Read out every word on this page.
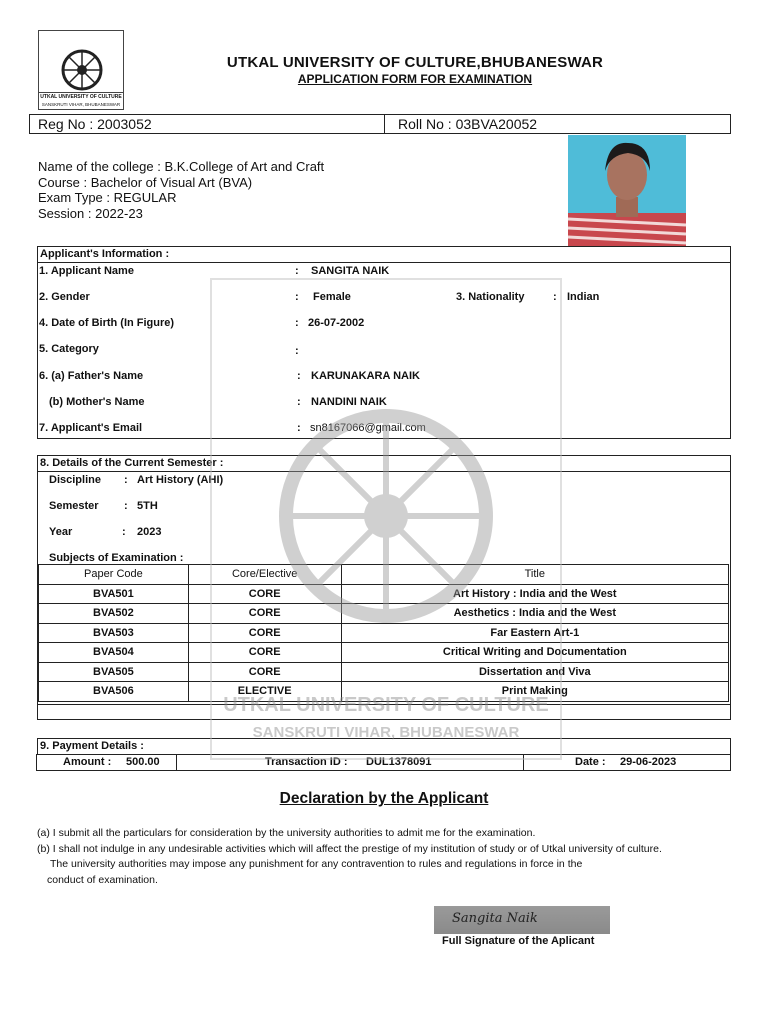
UTKAL UNIVERSITY OF CULTURE
SANSKRUTI VIHAR, BHUBANESWAR
UTKAL UNIVERSITY OF CULTURE,BHUBANESWAR
APPLICATION FORM FOR EXAMINATION
Reg No : 2003052	Roll No : 03BVA20052
Name of the college : B.K.College of Art and Craft
Course : Bachelor of Visual Art (BVA)
Exam Type : REGULAR
Session : 2022-23
Applicant's Information :
1. Applicant Name	: SANGITA NAIK
2. Gender	: Female	3. Nationality	: Indian
4. Date of Birth (In Figure)	: 26-07-2002
5. Category	:
6. (a) Father's Name	: KARUNAKARA NAIK
(b) Mother's Name	: NANDINI NAIK
7. Applicant's Email	: sn8167066@gmail.com
8. Details of the Current Semester :
Discipline : Art History (AHI)
Semester : 5TH
Year	: 2023
Subjects of Examination :
Paper Code	Core/Elective	Title
BVA501	CORE	Art History : India and the West
BVA502	CORE	Aesthetics : India and the West
BVA503	CORE	Far Eastern Art-1
BVA504	CORE	Critical Writing and Documentation
BVA505	CORE	Dissertation and Viva
BVA506	ELECTIVE	Print Making
9. Payment Details :
Amount : 500.00	Transaction ID : DUL1378091	Date : 29-06-2023
UTKAL UNIVERSITY OF CULTURE
SANSKRUTI VIHAR, BHUBANESWAR
Declaration by the Applicant
(a) I submit all the particulars for consideration by the university authorities to admit me for the examination.
(b) I shall not indulge in any undesirable activities which will affect the prestige of my institution of study or of Utkal university of culture.
The university authorities may impose any punishment for any contravention to rules and regulations in force in the
conduct of examination.
Sangita Naik
Full Signature of the Aplicant
